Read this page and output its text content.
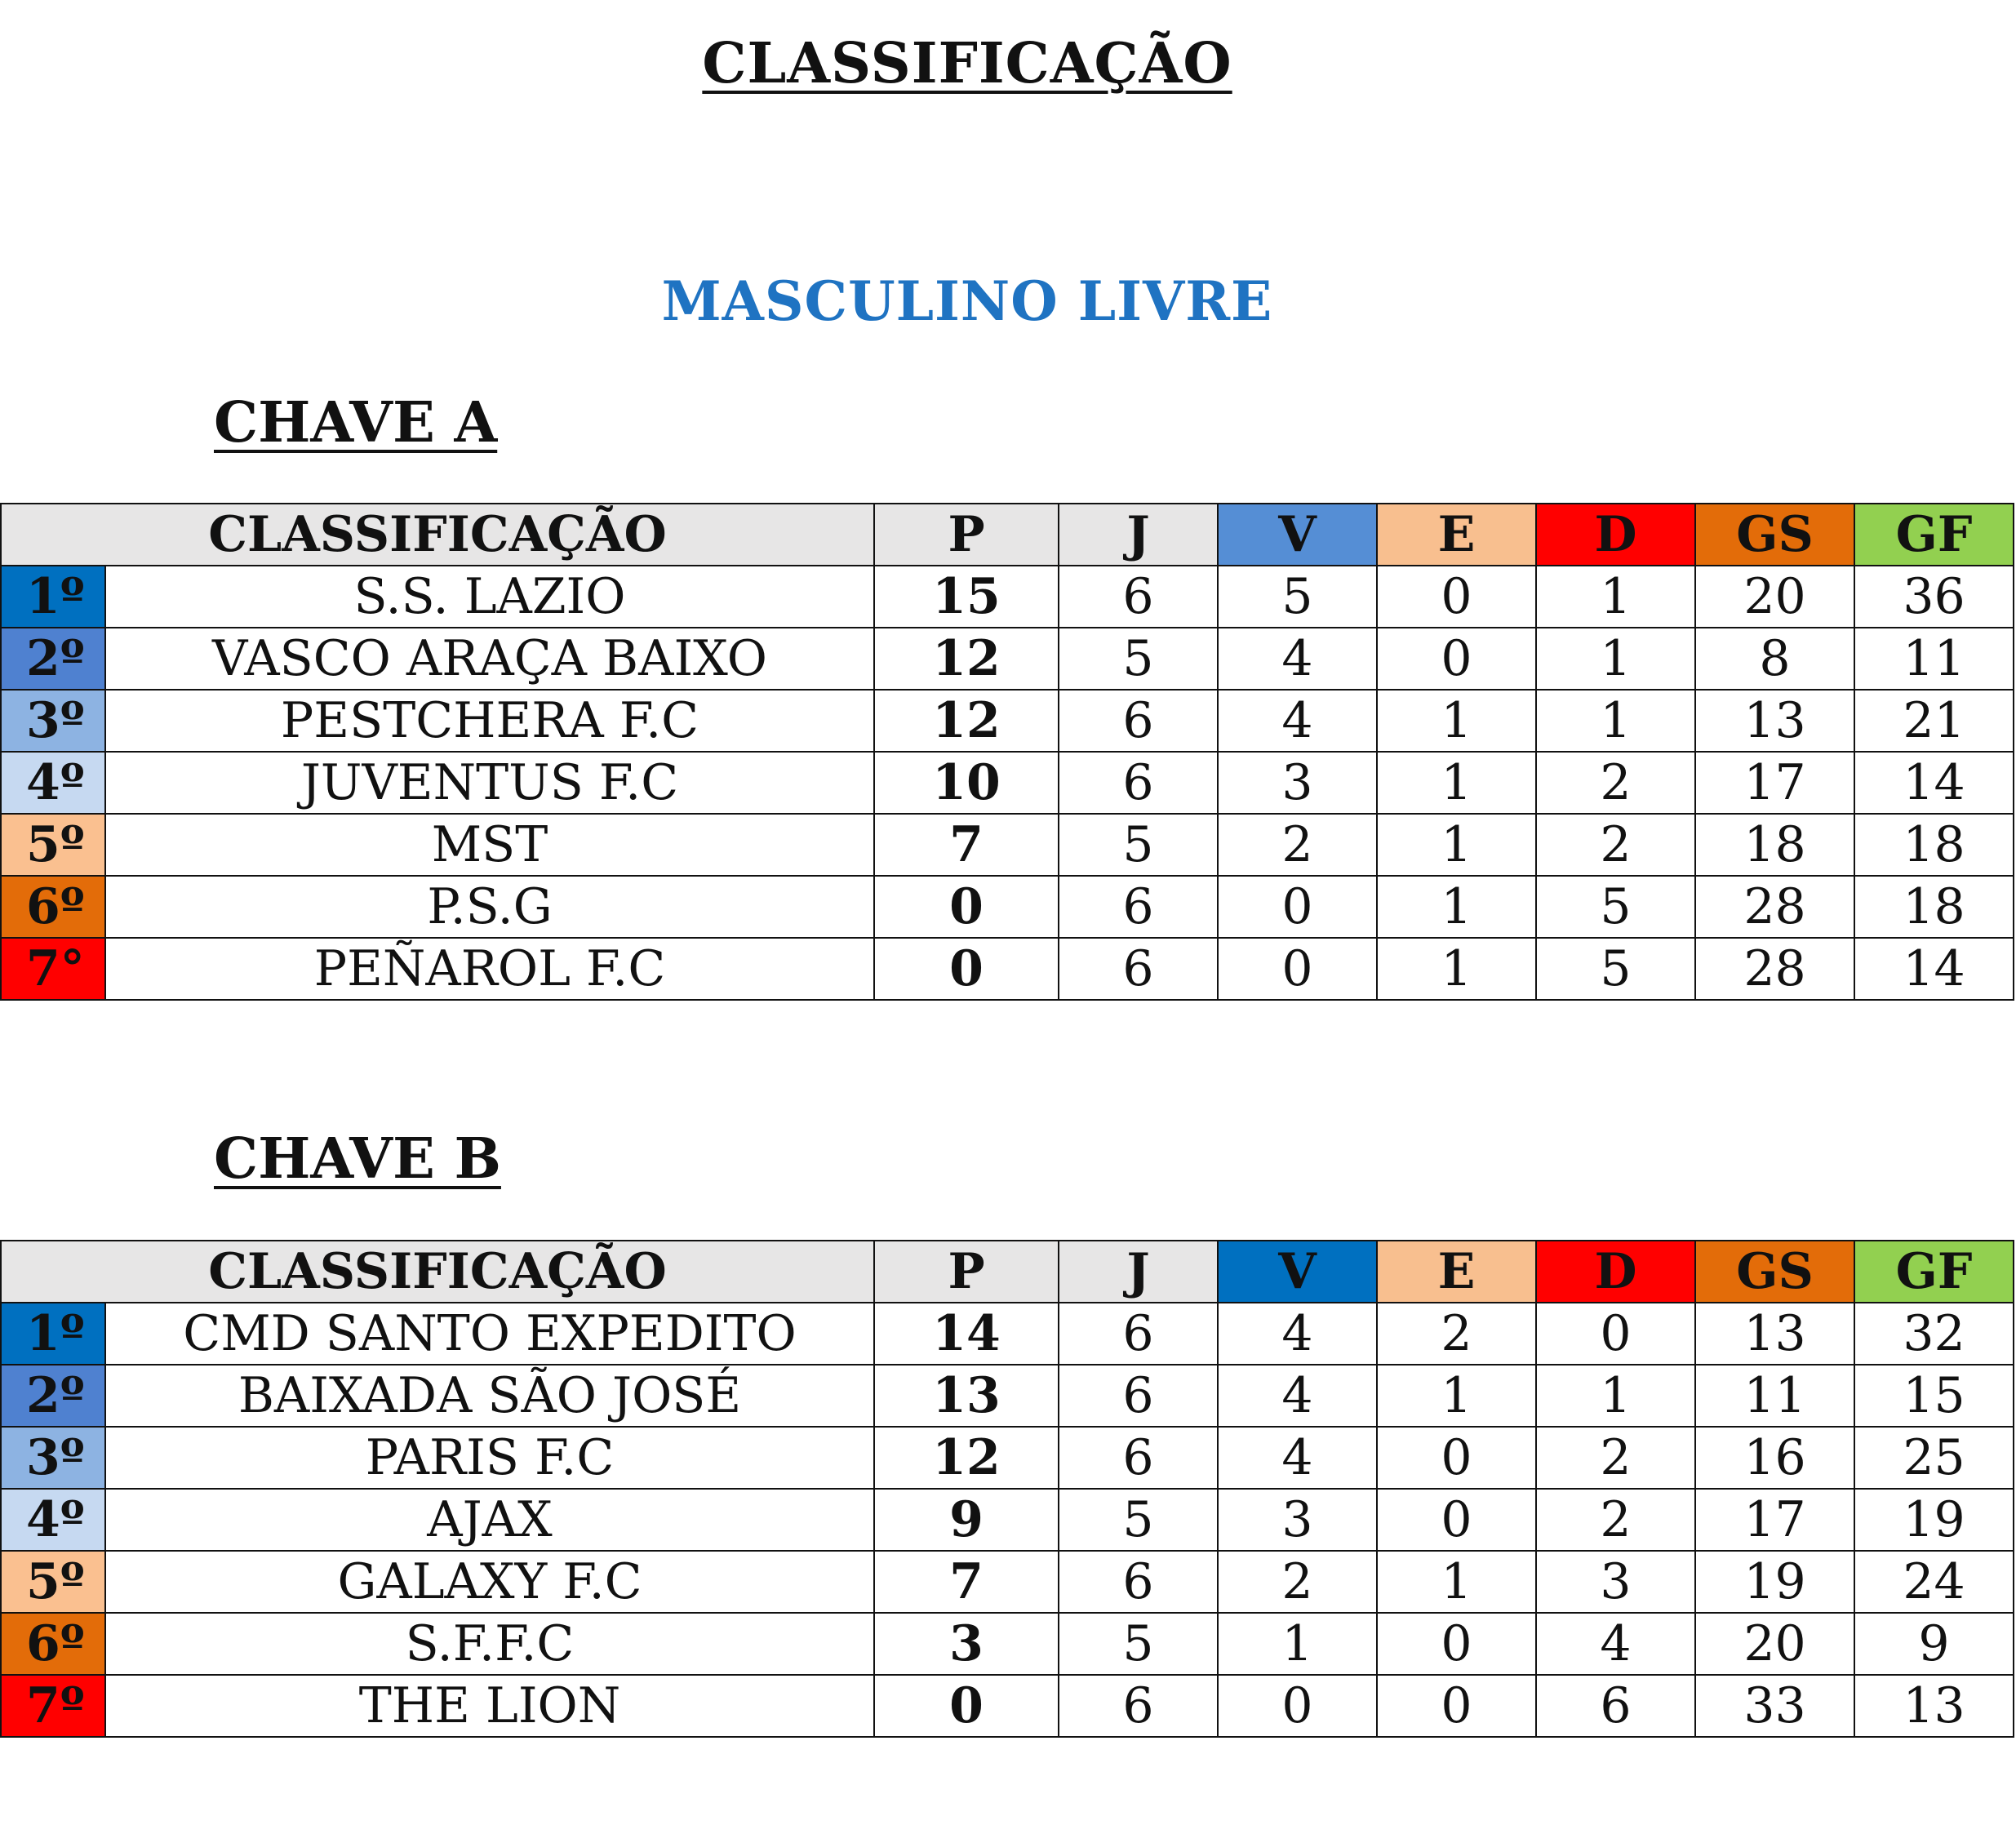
CLASSIFICAÇÃO
MASCULINO LIVRE
CHAVE A
CLASSIFICAÇÃO		P	J	V	E	D	GS	GF
1º	S.S. LAZIO	15	6	5	0	1	20	36
2º	VASCO ARAÇA BAIXO	12	5	4	0	1	8	11
3º	PESTCHERA F.C	12	6	4	1	1	13	21
4º	JUVENTUS F.C	10	6	3	1	2	17	14
5º	MST	7	5	2	1	2	18	18
6º	P.S.G	0	6	0	1	5	28	18
7°	PEÑAROL F.C	0	6	0	1	5	28	14
CHAVE B
CLASSIFICAÇÃO		P	J	V	E	D	GS	GF
1º	CMD SANTO EXPEDITO	14	6	4	2	0	13	32
2º	BAIXADA SÃO JOSÉ	13	6	4	1	1	11	15
3º	PARIS F.C	12	6	4	0	2	16	25
4º	AJAX	9	5	3	0	2	17	19
5º	GALAXY F.C	7	6	2	1	3	19	24
6º	S.F.F.C	3	5	1	0	4	20	9
7º	THE LION	0	6	0	0	6	33	13
